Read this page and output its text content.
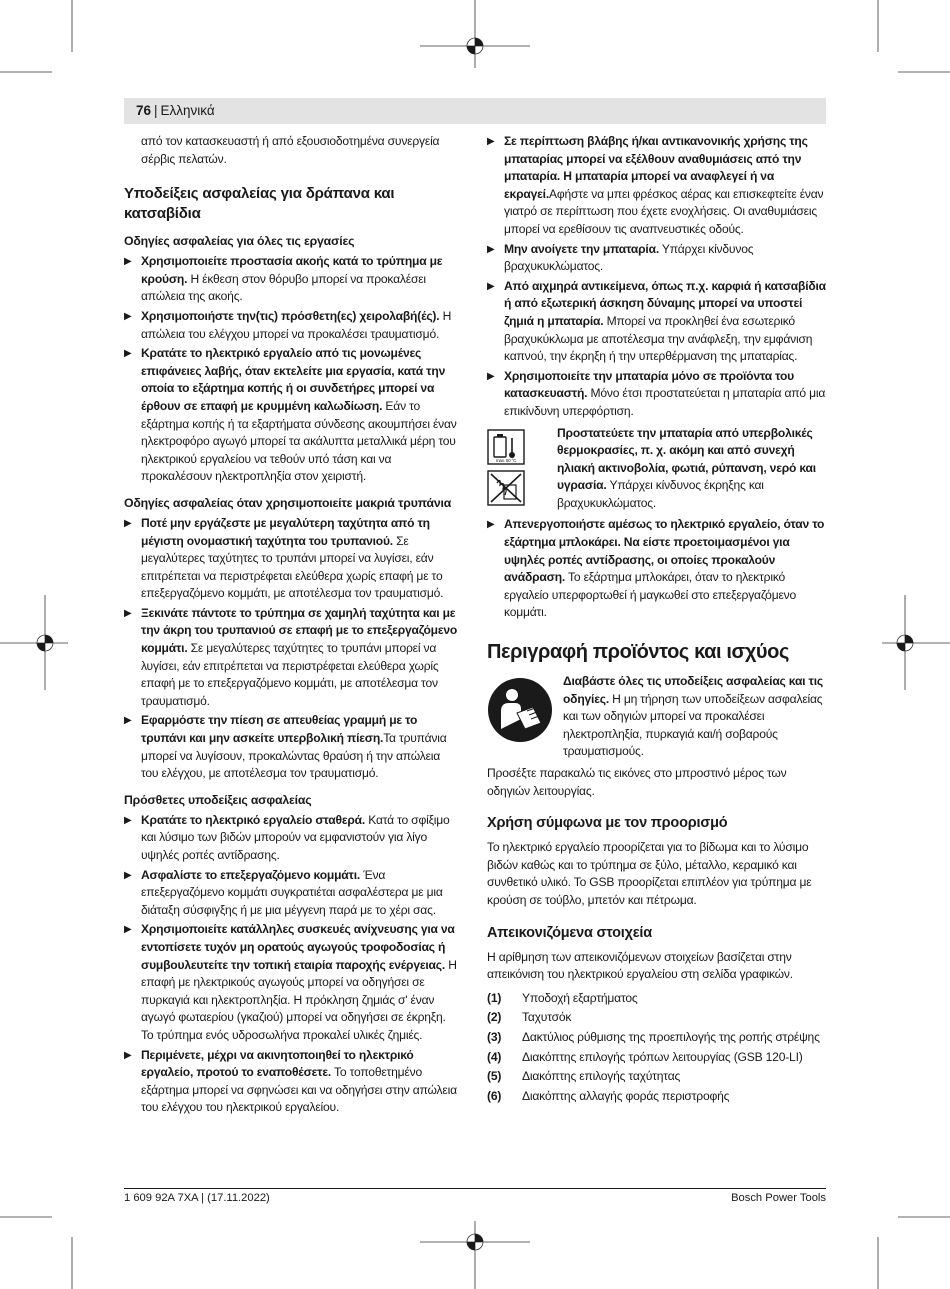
76 | Ελληνικά

από τον κατασκευαστή ή από εξουσιοδοτημένα συνεργεία σέρβις πελατών.

Υποδείξεις ασφαλείας για δράπανα και κατσαβίδια
Οδηγίες ασφαλείας για όλες τις εργασίες

▶ Χρησιμοποιείτε προστασία ακοής κατά το τρύπημα με κρούση. Η έκθεση στον θόρυβο μπορεί να προκαλέσει απώλεια της ακοής.

▶ Χρησιμοποιήστε την(τις) πρόσθετη(ες) χειρολαβή(ές). Η απώλεια του ελέγχου μπορεί να προκαλέσει τραυματισμό.

▶ Κρατάτε το ηλεκτρικό εργαλείο από τις μονωμένες επιφάνειες λαβής, όταν εκτελείτε μια εργασία, κατά την οποία το εξάρτημα κοπής ή οι συνδετήρες μπορεί να έρθουν σε επαφή με κρυμμένη καλωδίωση. Εάν το εξάρτημα κοπής ή τα εξαρτήματα σύνδεσης ακουμπήσει έναν ηλεκτροφόρο αγωγό μπορεί τα ακάλυπτα μεταλλικά μέρη του ηλεκτρικού εργαλείου να τεθούν υπό τάση και να προκαλέσουν ηλεκτροπληξία στον χειριστή.

Οδηγίες ασφαλείας όταν χρησιμοποιείτε μακριά τρυπάνια

▶ Ποτέ μην εργάζεστε με μεγαλύτερη ταχύτητα από τη μέγιστη ονομαστική ταχύτητα του τρυπανιού. Σε μεγαλύτερες ταχύτητες το τρυπάνι μπορεί να λυγίσει, εάν επιτρέπεται να περιστρέφεται ελεύθερα χωρίς επαφή με το επεξεργαζόμενο κομμάτι, με αποτέλεσμα τον τραυματισμό.

▶ Ξεκινάτε πάντοτε το τρύπημα σε χαμηλή ταχύτητα και με την άκρη του τρυπανιού σε επαφή με το επεξεργαζόμενο κομμάτι. Σε μεγαλύτερες ταχύτητες το τρυπάνι μπορεί να λυγίσει, εάν επιτρέπεται να περιστρέφεται ελεύθερα χωρίς επαφή με το επεξεργαζόμενο κομμάτι, με αποτέλεσμα τον τραυματισμό.

▶ Εφαρμόστε την πίεση σε απευθείας γραμμή με το τρυπάνι και μην ασκείτε υπερβολική πίεση.Τα τρυπάνια μπορεί να λυγίσουν, προκαλώντας θραύση ή την απώλεια του ελέγχου, με αποτέλεσμα τον τραυματισμό.

Πρόσθετες υποδείξεις ασφαλείας

▶ Κρατάτε το ηλεκτρικό εργαλείο σταθερά. Κατά το σφίξιμο και λύσιμο των βιδών μπορούν να εμφανιστούν για λίγο υψηλές ροπές αντίδρασης.

▶ Ασφαλίστε το επεξεργαζόμενο κομμάτι. Ένα επεξεργαζόμενο κομμάτι συγκρατιέται ασφαλέστερα με μια διάταξη σύσφιγξης ή με μια μέγγενη παρά με το χέρι σας.

▶ Χρησιμοποιείτε κατάλληλες συσκευές ανίχνευσης για να εντοπίσετε τυχόν μη ορατούς αγωγούς τροφοδοσίας ή συμβουλευτείτε την τοπική εταιρία παροχής ενέργειας. Η επαφή με ηλεκτρικούς αγωγούς μπορεί να οδηγήσει σε πυρκαγιά και ηλεκτροπληξία. Η πρόκληση ζημιάς σ' έναν αγωγό φωταερίου (γκαζιού) μπορεί να οδηγήσει σε έκρηξη. Το τρύπημα ενός υδροσωλήνα προκαλεί υλικές ζημιές.

▶ Περιμένετε, μέχρι να ακινητοποιηθεί το ηλεκτρικό εργαλείο, προτού το εναποθέσετε. Το τοποθετημένο εξάρτημα μπορεί να σφηνώσει και να οδηγήσει στην απώλεια του ελέγχου του ηλεκτρικού εργαλείου.

▶ Σε περίπτωση βλάβης ή/και αντικανονικής χρήσης της μπαταρίας μπορεί να εξέλθουν αναθυμιάσεις από την μπαταρία. Η μπαταρία μπορεί να αναφλεγεί ή να εκραγεί.Αφήστε να μπει φρέσκος αέρας και επισκεφτείτε έναν γιατρό σε περίπτωση που έχετε ενοχλήσεις. Οι αναθυμιάσεις μπορεί να ερεθίσουν τις αναπνευστικές οδούς.

▶ Μην ανοίγετε την μπαταρία. Υπάρχει κίνδυνος βραχυκυκλώματος.

▶ Από αιχμηρά αντικείμενα, όπως π.χ. καρφιά ή κατσαβίδια ή από εξωτερική άσκηση δύναμης μπορεί να υποστεί ζημιά η μπαταρία. Μπορεί να προκληθεί ένα εσωτερικό βραχυκύκλωμα με αποτέλεσμα την ανάφλεξη, την εμφάνιση καπνού, την έκρηξη ή την υπερθέρμανση της μπαταρίας.

▶ Χρησιμοποιείτε την μπαταρία μόνο σε προϊόντα του κατασκευαστή. Μόνο έτσι προστατεύεται η μπαταρία από μια επικίνδυνη υπερφόρτιση.

max. 50 °C

Προστατεύετε την μπαταρία από υπερβολικές θερμοκρασίες, π. χ. ακόμη και από συνεχή ηλιακή ακτινοβολία, φωτιά, ρύπανση, νερό και υγρασία. Υπάρχει κίνδυνος έκρηξης και βραχυκυκλώματος.

▶ Απενεργοποιήστε αμέσως το ηλεκτρικό εργαλείο, όταν το εξάρτημα μπλοκάρει. Να είστε προετοιμασμένοι για υψηλές ροπές αντίδρασης, οι οποίες προκαλούν ανάδραση. Το εξάρτημα μπλοκάρει, όταν το ηλεκτρικό εργαλείο υπερφορτωθεί ή μαγκωθεί στο επεξεργαζόμενο κομμάτι.

Περιγραφή προϊόντος και ισχύος

Διαβάστε όλες τις υποδείξεις ασφαλείας και τις οδηγίες. Η μη τήρηση των υποδείξεων ασφαλείας και των οδηγιών μπορεί να προκαλέσει ηλεκτροπληξία, πυρκαγιά και/ή σοβαρούς τραυματισμούς.

Προσέξτε παρακαλώ τις εικόνες στο μπροστινό μέρος των οδηγιών λειτουργίας.

Χρήση σύμφωνα με τον προορισμό

Το ηλεκτρικό εργαλείο προορίζεται για το βίδωμα και το λύσιμο βιδών καθώς και το τρύπημα σε ξύλο, μέταλλο, κεραμικό και συνθετικό υλικό. Το GSB προορίζεται επιπλέον για τρύπημα με κρούση σε τούβλο, μπετόν και πέτρωμα.

Απεικονιζόμενα στοιχεία

Η αρίθμηση των απεικονιζόμενων στοιχείων βασίζεται στην απεικόνιση του ηλεκτρικού εργαλείου στη σελίδα γραφικών.

(1)	Υποδοχή εξαρτήματος
(2)	Ταχυτσόκ
(3)	Δακτύλιος ρύθμισης της προεπιλογής της ροπής στρέψης
(4)	Διακόπτης επιλογής τρόπων λειτουργίας (GSB 120-LI)
(5)	Διακόπτης επιλογής ταχύτητας
(6)	Διακόπτης αλλαγής φοράς περιστροφής
1 609 92A 7XA | (17.11.2022)	Bosch Power Tools
